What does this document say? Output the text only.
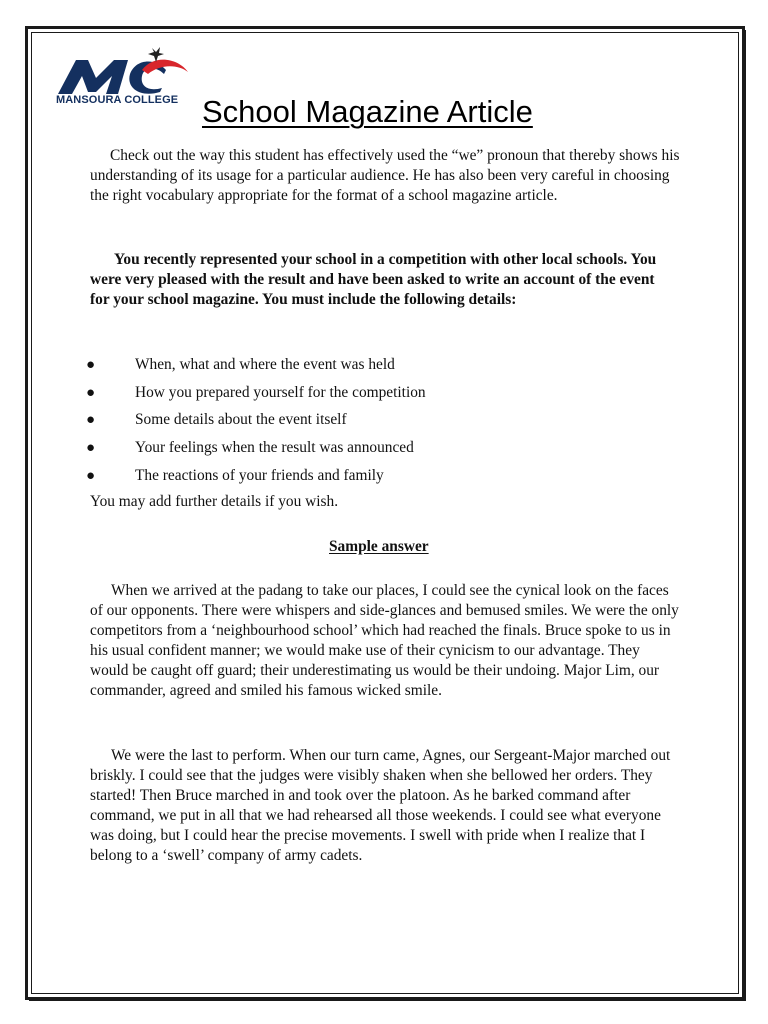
MANSOURA COLLEGE School Magazine Article

Check out the way this student has effectively used the “we” pronoun that thereby shows his understanding of its usage for a particular audience. He has also been very careful in choosing the right vocabulary appropriate for the format of a school magazine article.

You recently represented your school in a competition with other local schools. You were very pleased with the result and have been asked to write an account of the event for your school magazine. You must include the following details:

●	When, what and where the event was held
●	How you prepared yourself for the competition
●	Some details about the event itself
●	Your feelings when the result was announced
●	The reactions of your friends and family
You may add further details if you wish.
Sample answer

When we arrived at the padang to take our places, I could see the cynical look on the faces of our opponents. There were whispers and side-glances and bemused smiles. We were the only competitors from a ‘neighbourhood school’ which had reached the finals. Bruce spoke to us in his usual confident manner; we would make use of their cynicism to our advantage. They would be caught off guard; their underestimating us would be their undoing. Major Lim, our commander, agreed and smiled his famous wicked smile.

We were the last to perform. When our turn came, Agnes, our Sergeant-Major marched out briskly. I could see that the judges were visibly shaken when she bellowed her orders. They started! Then Bruce marched in and took over the platoon. As he barked command after command, we put in all that we had rehearsed all those weekends. I could see what everyone was doing, but I could hear the precise movements. I swell with pride when I realize that I belong to a ‘swell’ company of army cadets.
